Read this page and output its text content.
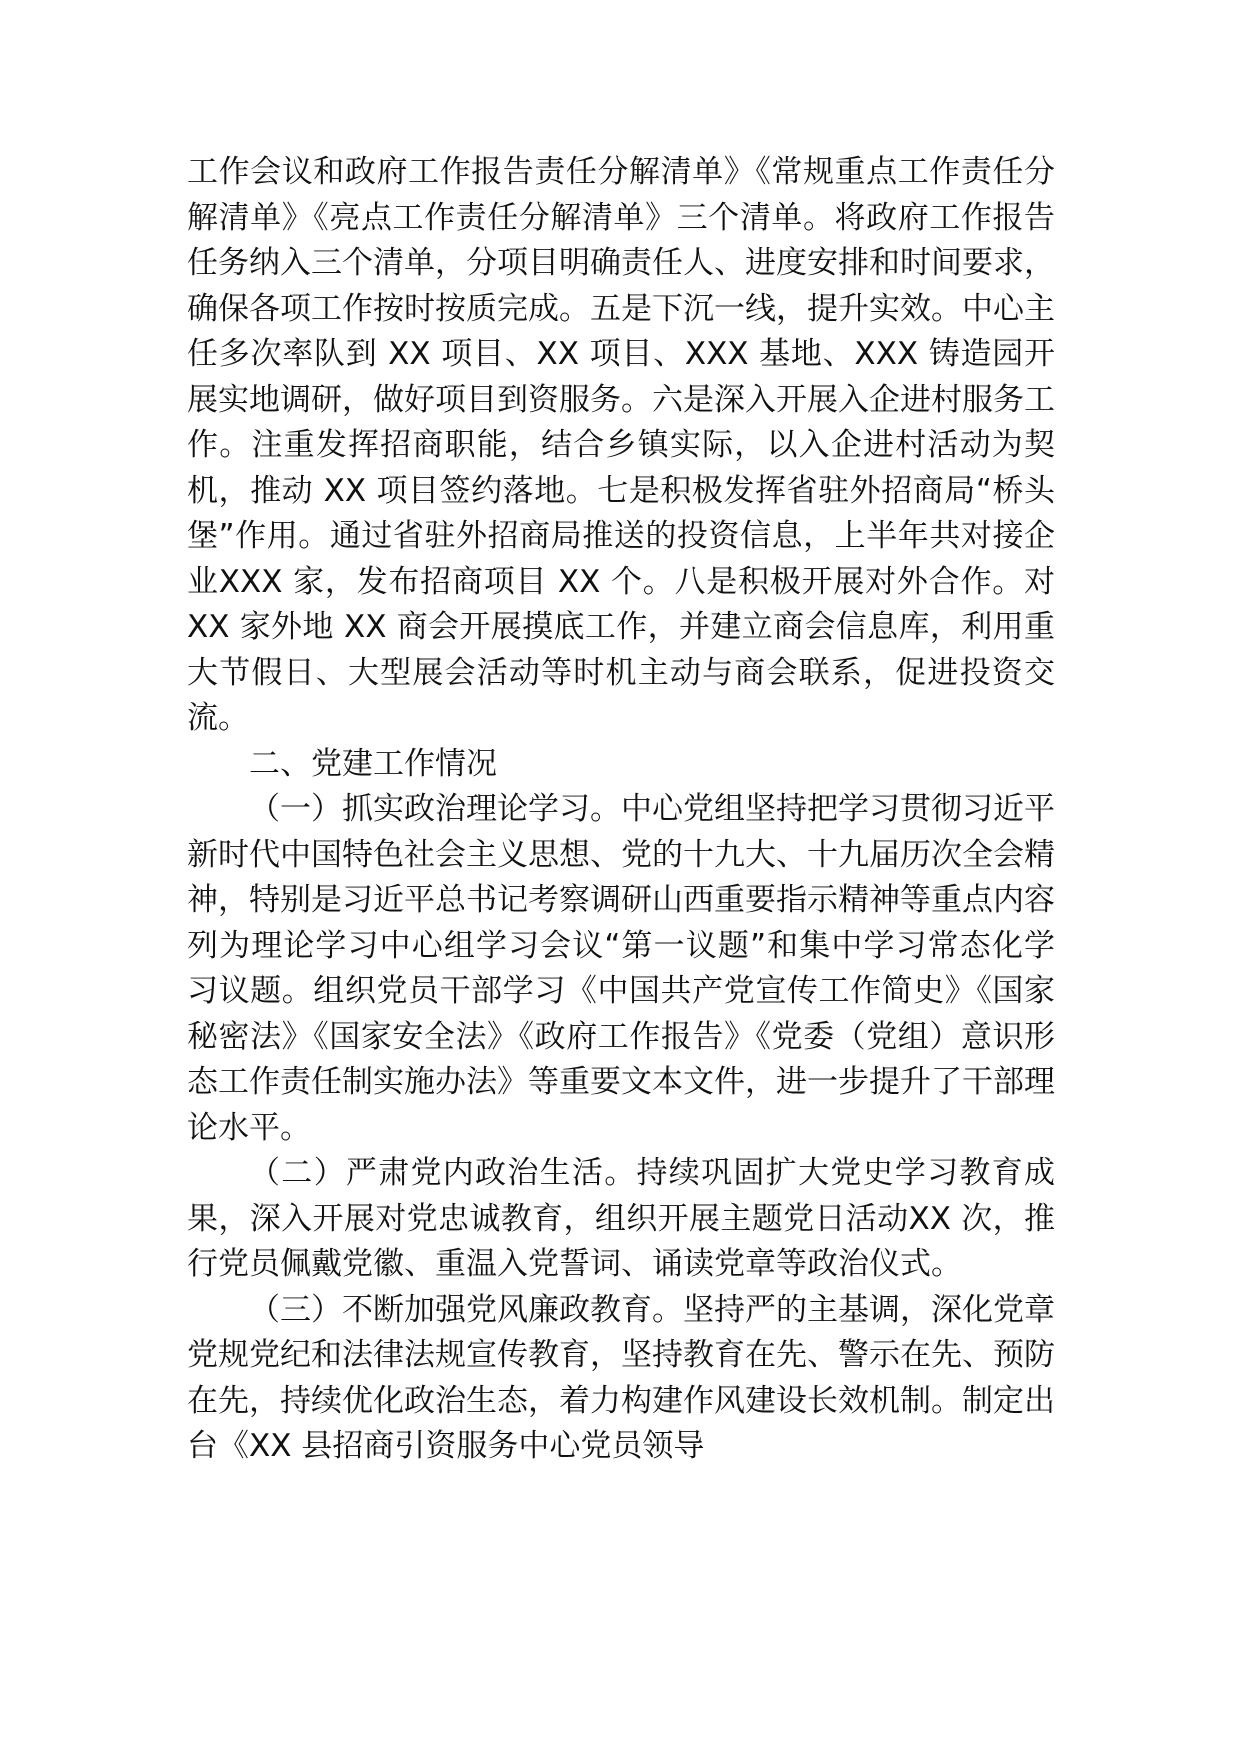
工作会议和政府工作报告责任分解清单》《常规重点工作责任分解清单》《亮点工作责任分解清单》三个清单。将政府工作报告任务纳入三个清单，分项目明确责任人、进度安排和时间要求，确保各项工作按时按质完成。五是下沉一线，提升实效。中心主任多次率队到 XX 项目、XX 项目、XXX 基地、XXX 铸造园开展实地调研，做好项目到资服务。六是深入开展入企进村服务工作。注重发挥招商职能，结合乡镇实际，以入企进村活动为契机，推动 XX 项目签约落地。七是积极发挥省驻外招商局“桥头堡”作用。通过省驻外招商局推送的投资信息，上半年共对接企业XXX 家，发布招商项目 XX 个。八是积极开展对外合作。对 XX 家外地 XX 商会开展摸底工作，并建立商会信息库，利用重大节假日、大型展会活动等时机主动与商会联系，促进投资交流。

二、党建工作情况

（一）抓实政治理论学习。中心党组坚持把学习贯彻习近平新时代中国特色社会主义思想、党的十九大、十九届历次全会精神，特别是习近平总书记考察调研山西重要指示精神等重点内容列为理论学习中心组学习会议“第一议题”和集中学习常态化学习议题。组织党员干部学习《中国共产党宣传工作简史》《国家秘密法》《国家安全法》《政府工作报告》《党委（党组）意识形态工作责任制实施办法》等重要文本文件，进一步提升了干部理论水平。

（二）严肃党内政治生活。持续巩固扩大党史学习教育成果，深入开展对党忠诚教育，组织开展主题党日活动XX 次，推行党员佩戴党徽、重温入党誓词、诵读党章等政治仪式。

（三）不断加强党风廉政教育。坚持严的主基调，深化党章党规党纪和法律法规宣传教育，坚持教育在先、警示在先、预防在先，持续优化政治生态，着力构建作风建设长效机制。制定出台《XX 县招商引资服务中心党员领导
